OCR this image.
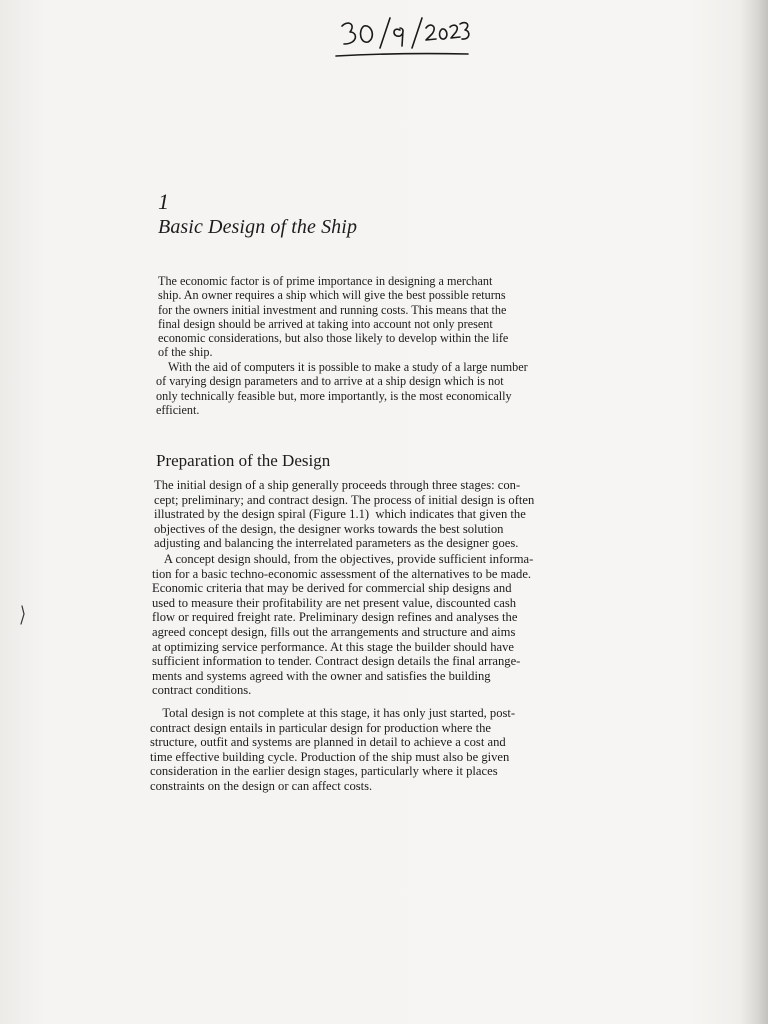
1
Basic Design of the Ship
The economic factor is of prime importance in designing a merchant
ship. An owner requires a ship which will give the best possible returns
for the owners initial investment and running costs. This means that the
final design should be arrived at taking into account not only present
economic considerations, but also those likely to develop within the life
of the ship.
With the aid of computers it is possible to make a study of a large number
of varying design parameters and to arrive at a ship design which is not
only technically feasible but, more importantly, is the most economically
efficient.
Preparation of the Design
The initial design of a ship generally proceeds through three stages: con-
cept; preliminary; and contract design. The process of initial design is often
illustrated by the design spiral (Figure 1.1)  which indicates that given the
objectives of the design, the designer works towards the best solution
adjusting and balancing the interrelated parameters as the designer goes.
A concept design should, from the objectives, provide sufficient informa-
tion for a basic techno-economic assessment of the alternatives to be made.
Economic criteria that may be derived for commercial ship designs and
used to measure their profitability are net present value, discounted cash
flow or required freight rate. Preliminary design refines and analyses the
agreed concept design, fills out the arrangements and structure and aims
at optimizing service performance. At this stage the builder should have
sufficient information to tender. Contract design details the final arrange-
ments and systems agreed with the owner and satisfies the building
contract conditions.
Total design is not complete at this stage, it has only just started, post-
contract design entails in particular design for production where the
structure, outfit and systems are planned in detail to achieve a cost and
time effective building cycle. Production of the ship must also be given
consideration in the earlier design stages, particularly where it places
constraints on the design or can affect costs.
